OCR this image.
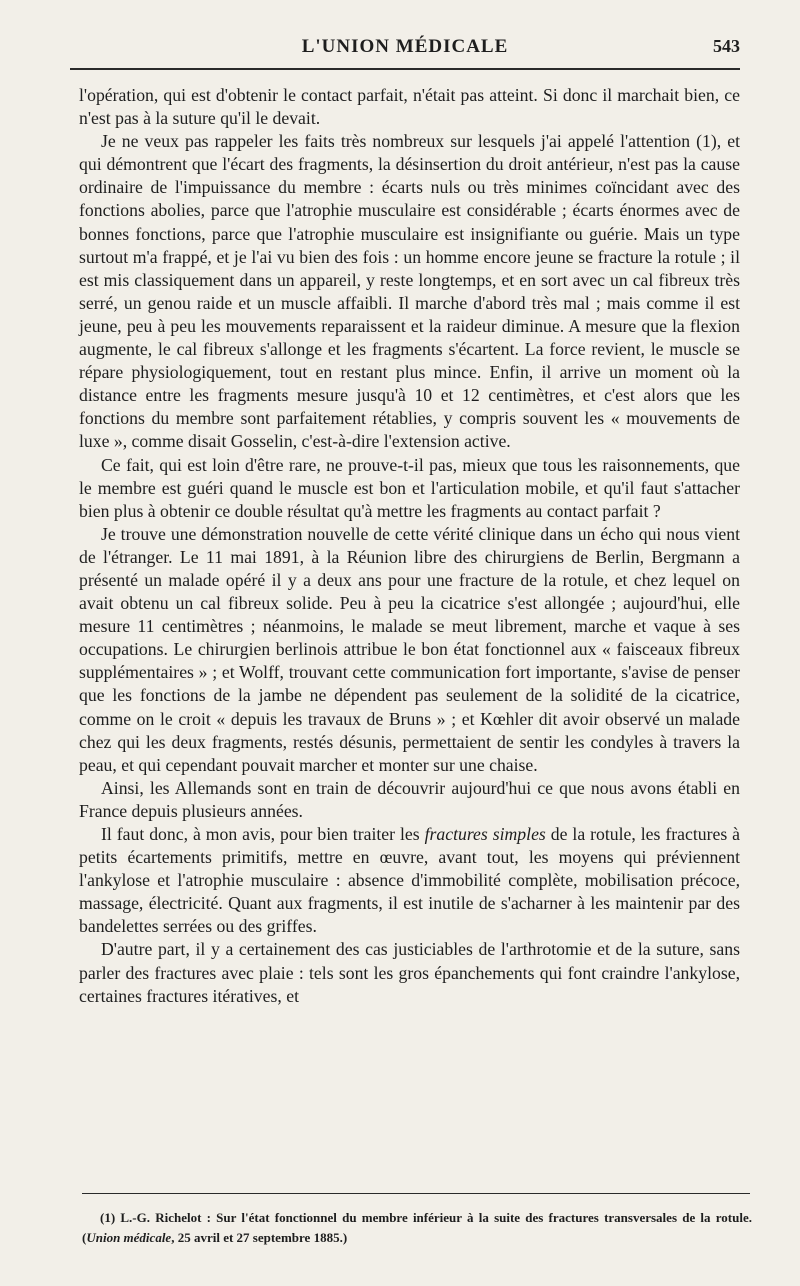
L'UNION MÉDICALE	543

l'opération, qui est d'obtenir le contact parfait, n'était pas atteint. Si donc il marchait bien, ce n'est pas à la suture qu'il le devait.

Je ne veux pas rappeler les faits très nombreux sur lesquels j'ai appelé l'attention (1), et qui démontrent que l'écart des fragments, la désinsertion du droit antérieur, n'est pas la cause ordinaire de l'impuissance du membre : écarts nuls ou très minimes coïncidant avec des fonctions abolies, parce que l'atrophie musculaire est considérable ; écarts énormes avec de bonnes fonctions, parce que l'atrophie musculaire est insignifiante ou guérie. Mais un type surtout m'a frappé, et je l'ai vu bien des fois : un homme encore jeune se fracture la rotule ; il est mis classiquement dans un appareil, y reste longtemps, et en sort avec un cal fibreux très serré, un genou raide et un muscle affaibli. Il marche d'abord très mal ; mais comme il est jeune, peu à peu les mouvements reparaissent et la raideur diminue. A mesure que la flexion augmente, le cal fibreux s'allonge et les fragments s'écartent. La force revient, le muscle se répare physiologiquement, tout en restant plus mince. Enfin, il arrive un moment où la distance entre les fragments mesure jusqu'à 10 et 12 centimètres, et c'est alors que les fonctions du membre sont parfaitement rétablies, y compris souvent les « mouvements de luxe », comme disait Gosselin, c'est-à-dire l'extension active.

Ce fait, qui est loin d'être rare, ne prouve-t-il pas, mieux que tous les raisonnements, que le membre est guéri quand le muscle est bon et l'articulation mobile, et qu'il faut s'attacher bien plus à obtenir ce double résultat qu'à mettre les fragments au contact parfait ?

Je trouve une démonstration nouvelle de cette vérité clinique dans un écho qui nous vient de l'étranger. Le 11 mai 1891, à la Réunion libre des chirurgiens de Berlin, Bergmann a présenté un malade opéré il y a deux ans pour une fracture de la rotule, et chez lequel on avait obtenu un cal fibreux solide. Peu à peu la cicatrice s'est allongée ; aujourd'hui, elle mesure 11 centimètres ; néanmoins, le malade se meut librement, marche et vaque à ses occupations. Le chirurgien berlinois attribue le bon état fonctionnel aux « faisceaux fibreux supplémentaires » ; et Wolff, trouvant cette communication fort importante, s'avise de penser que les fonctions de la jambe ne dépendent pas seulement de la solidité de la cicatrice, comme on le croit « depuis les travaux de Bruns » ; et Kœhler dit avoir observé un malade chez qui les deux fragments, restés désunis, permettaient de sentir les condyles à travers la peau, et qui cependant pouvait marcher et monter sur une chaise.

Ainsi, les Allemands sont en train de découvrir aujourd'hui ce que nous avons établi en France depuis plusieurs années.

Il faut donc, à mon avis, pour bien traiter les fractures simples de la rotule, les fractures à petits écartements primitifs, mettre en œuvre, avant tout, les moyens qui préviennent l'ankylose et l'atrophie musculaire : absence d'immobilité complète, mobilisation précoce, massage, électricité. Quant aux fragments, il est inutile de s'acharner à les maintenir par des bandelettes serrées ou des griffes.

D'autre part, il y a certainement des cas justiciables de l'arthrotomie et de la suture, sans parler des fractures avec plaie : tels sont les gros épanchements qui font craindre l'ankylose, certaines fractures itératives, et

(1) L.-G. Richelot : Sur l'état fonctionnel du membre inférieur à la suite des fractures transversales de la rotule. (Union médicale, 25 avril et 27 septembre 1885.)
